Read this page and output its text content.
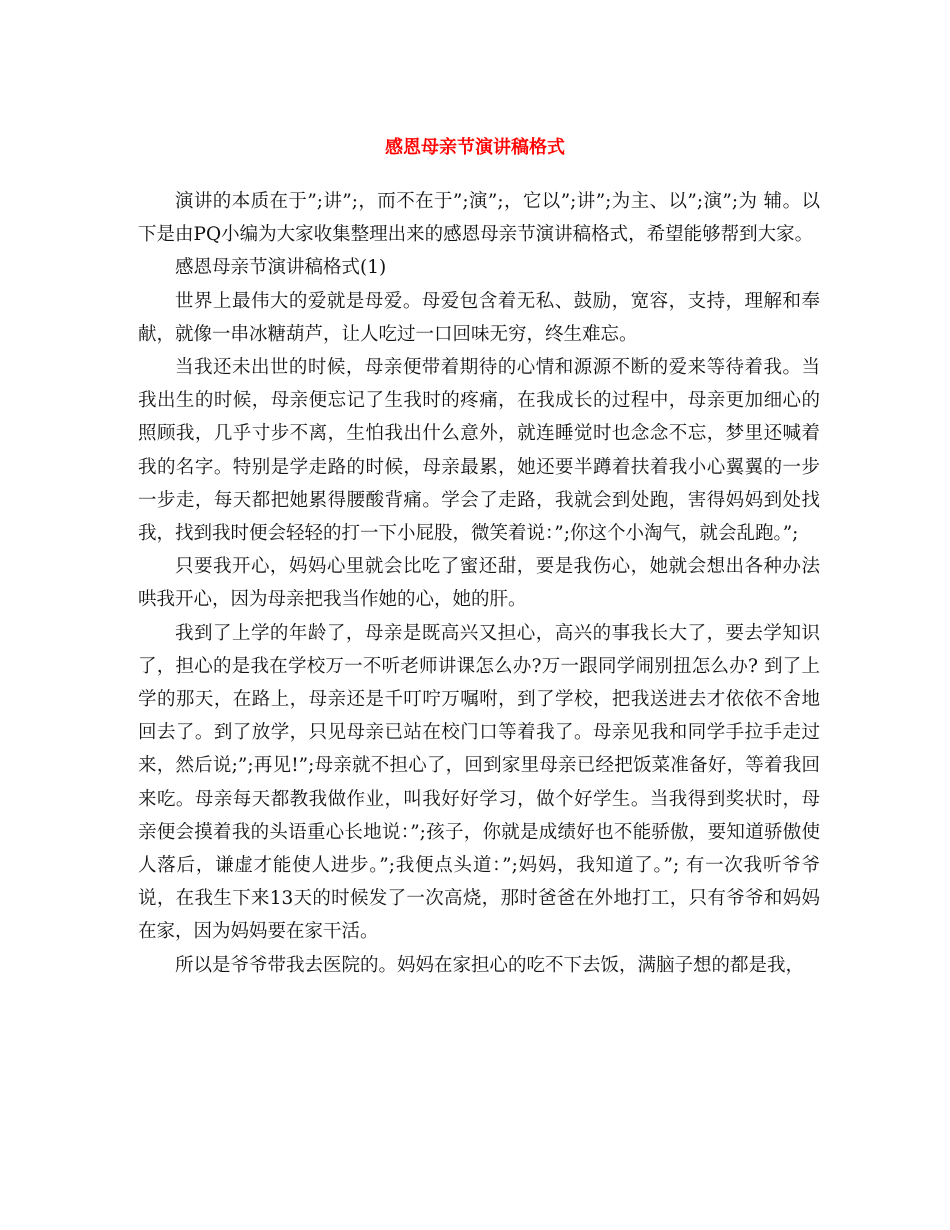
感恩母亲节演讲稿格式

演讲的本质在于”;讲”;，而不在于”;演”;，它以”;讲”;为主、以”;演”;为 辅。以下是由PQ小编为大家收集整理出来的感恩母亲节演讲稿格式，希望能够帮到大家。

感恩母亲节演讲稿格式(1)

世界上最伟大的爱就是母爱。母爱包含着无私、鼓励，宽容，支持，理解和奉献，就像一串冰糖葫芦，让人吃过一口回味无穷，终生难忘。

当我还未出世的时候，母亲便带着期待的心情和源源不断的爱来等待着我。当我出生的时候，母亲便忘记了生我时的疼痛，在我成长的过程中，母亲更加细心的照顾我，几乎寸步不离，生怕我出什么意外，就连睡觉时也念念不忘，梦里还喊着我的名字。特别是学走路的时候，母亲最累，她还要半蹲着扶着我小心翼翼的一步一步走，每天都把她累得腰酸背痛。学会了走路，我就会到处跑，害得妈妈到处找我，找到我时便会轻轻的打一下小屁股，微笑着说：”;你这个小淘气，就会乱跑。”;

只要我开心，妈妈心里就会比吃了蜜还甜，要是我伤心，她就会想出各种办法哄我开心，因为母亲把我当作她的心，她的肝。

我到了上学的年龄了，母亲是既高兴又担心，高兴的事我长大了，要去学知识了，担心的是我在学校万一不听老师讲课怎么办?万一跟同学闹别扭怎么办? 到了上学的那天，在路上，母亲还是千叮咛万嘱咐，到了学校，把我送进去才依依不舍地回去了。到了放学，只见母亲已站在校门口等着我了。母亲见我和同学手拉手走过来，然后说;”;再见!”;母亲就不担心了，回到家里母亲已经把饭菜准备好，等着我回来吃。母亲每天都教我做作业，叫我好好学习，做个好学生。当我得到奖状时，母亲便会摸着我的头语重心长地说：”;孩子，你就是成绩好也不能骄傲，要知道骄傲使人落后，谦虚才能使人进步。”;我便点头道：”;妈妈，我知道了。”; 有一次我听爷爷说，在我生下来13天的时候发了一次高烧，那时爸爸在外地打工，只有爷爷和妈妈在家，因为妈妈要在家干活。

所以是爷爷带我去医院的。妈妈在家担心的吃不下去饭，满脑子想的都是我，
